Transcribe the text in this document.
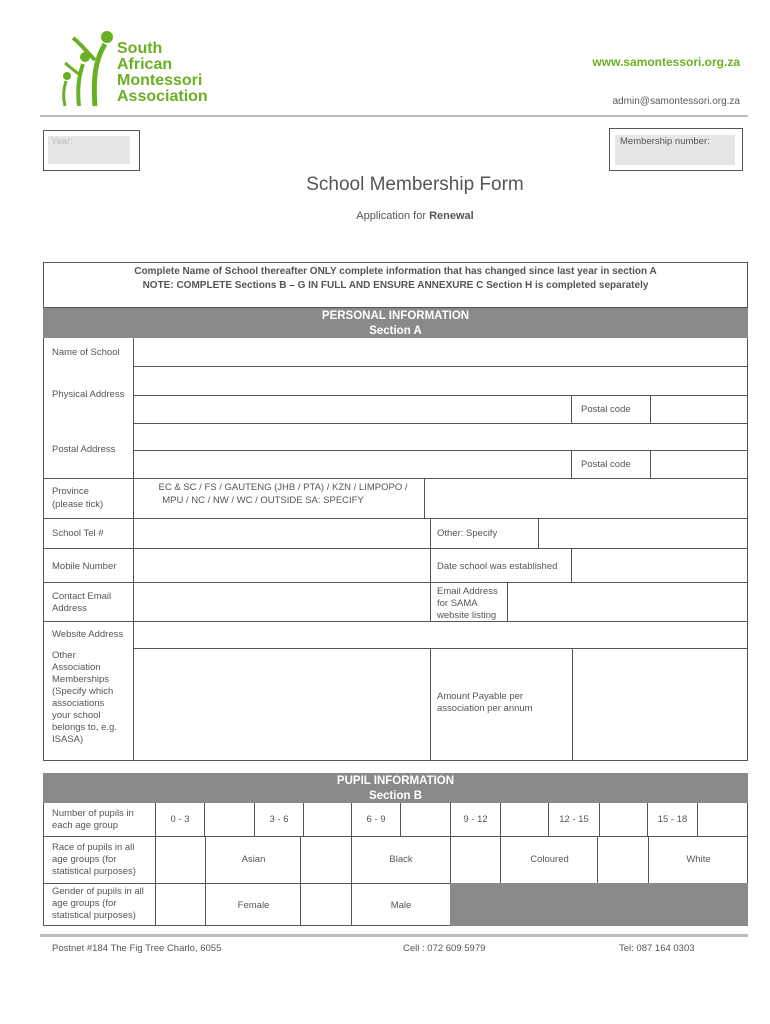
South
African
Montessori
Association
www.samontessori.org.za
admin@samontessori.org.za
Membership number:
School Membership Form
Application for Renewal
Complete Name of School thereafter ONLY complete information that has changed since last year in section A
NOTE: COMPLETE Sections B – G IN FULL AND ENSURE ANNEXURE C Section H is completed separately
PERSONAL INFORMATION
Section A
Name of School
Physical Address
Postal code
Postal Address
Postal code
Province
(please tick)
EC & SC / FS / GAUTENG (JHB / PTA) / KZN / LIMPOPO /
MPU / NC / NW / WC / OUTSIDE SA: SPECIFY
School Tel #	Other: Specify
Mobile Number	Date school was established
Contact Email
Address
Email Address
for SAMA
website listing
Website Address
Other
Association
Memberships
(Specify which
associations
your school
belongs to, e.g.
ISASA)
Amount Payable per
association per annum
PUPIL INFORMATION
Section B
Number of pupils in
each age group
0 - 3	3 - 6	6 - 9	9 - 12	12 - 15	15 - 18
Race of pupils in all
age groups (for
statistical purposes)
Asian	Black	Coloured	White
Gender of pupils in all
age groups (for
statistical purposes)
Female	Male
Postnet #184 The Fig Tree Charlo, 6055	Cell : 072 609 5979	Tel: 087 164 0303
